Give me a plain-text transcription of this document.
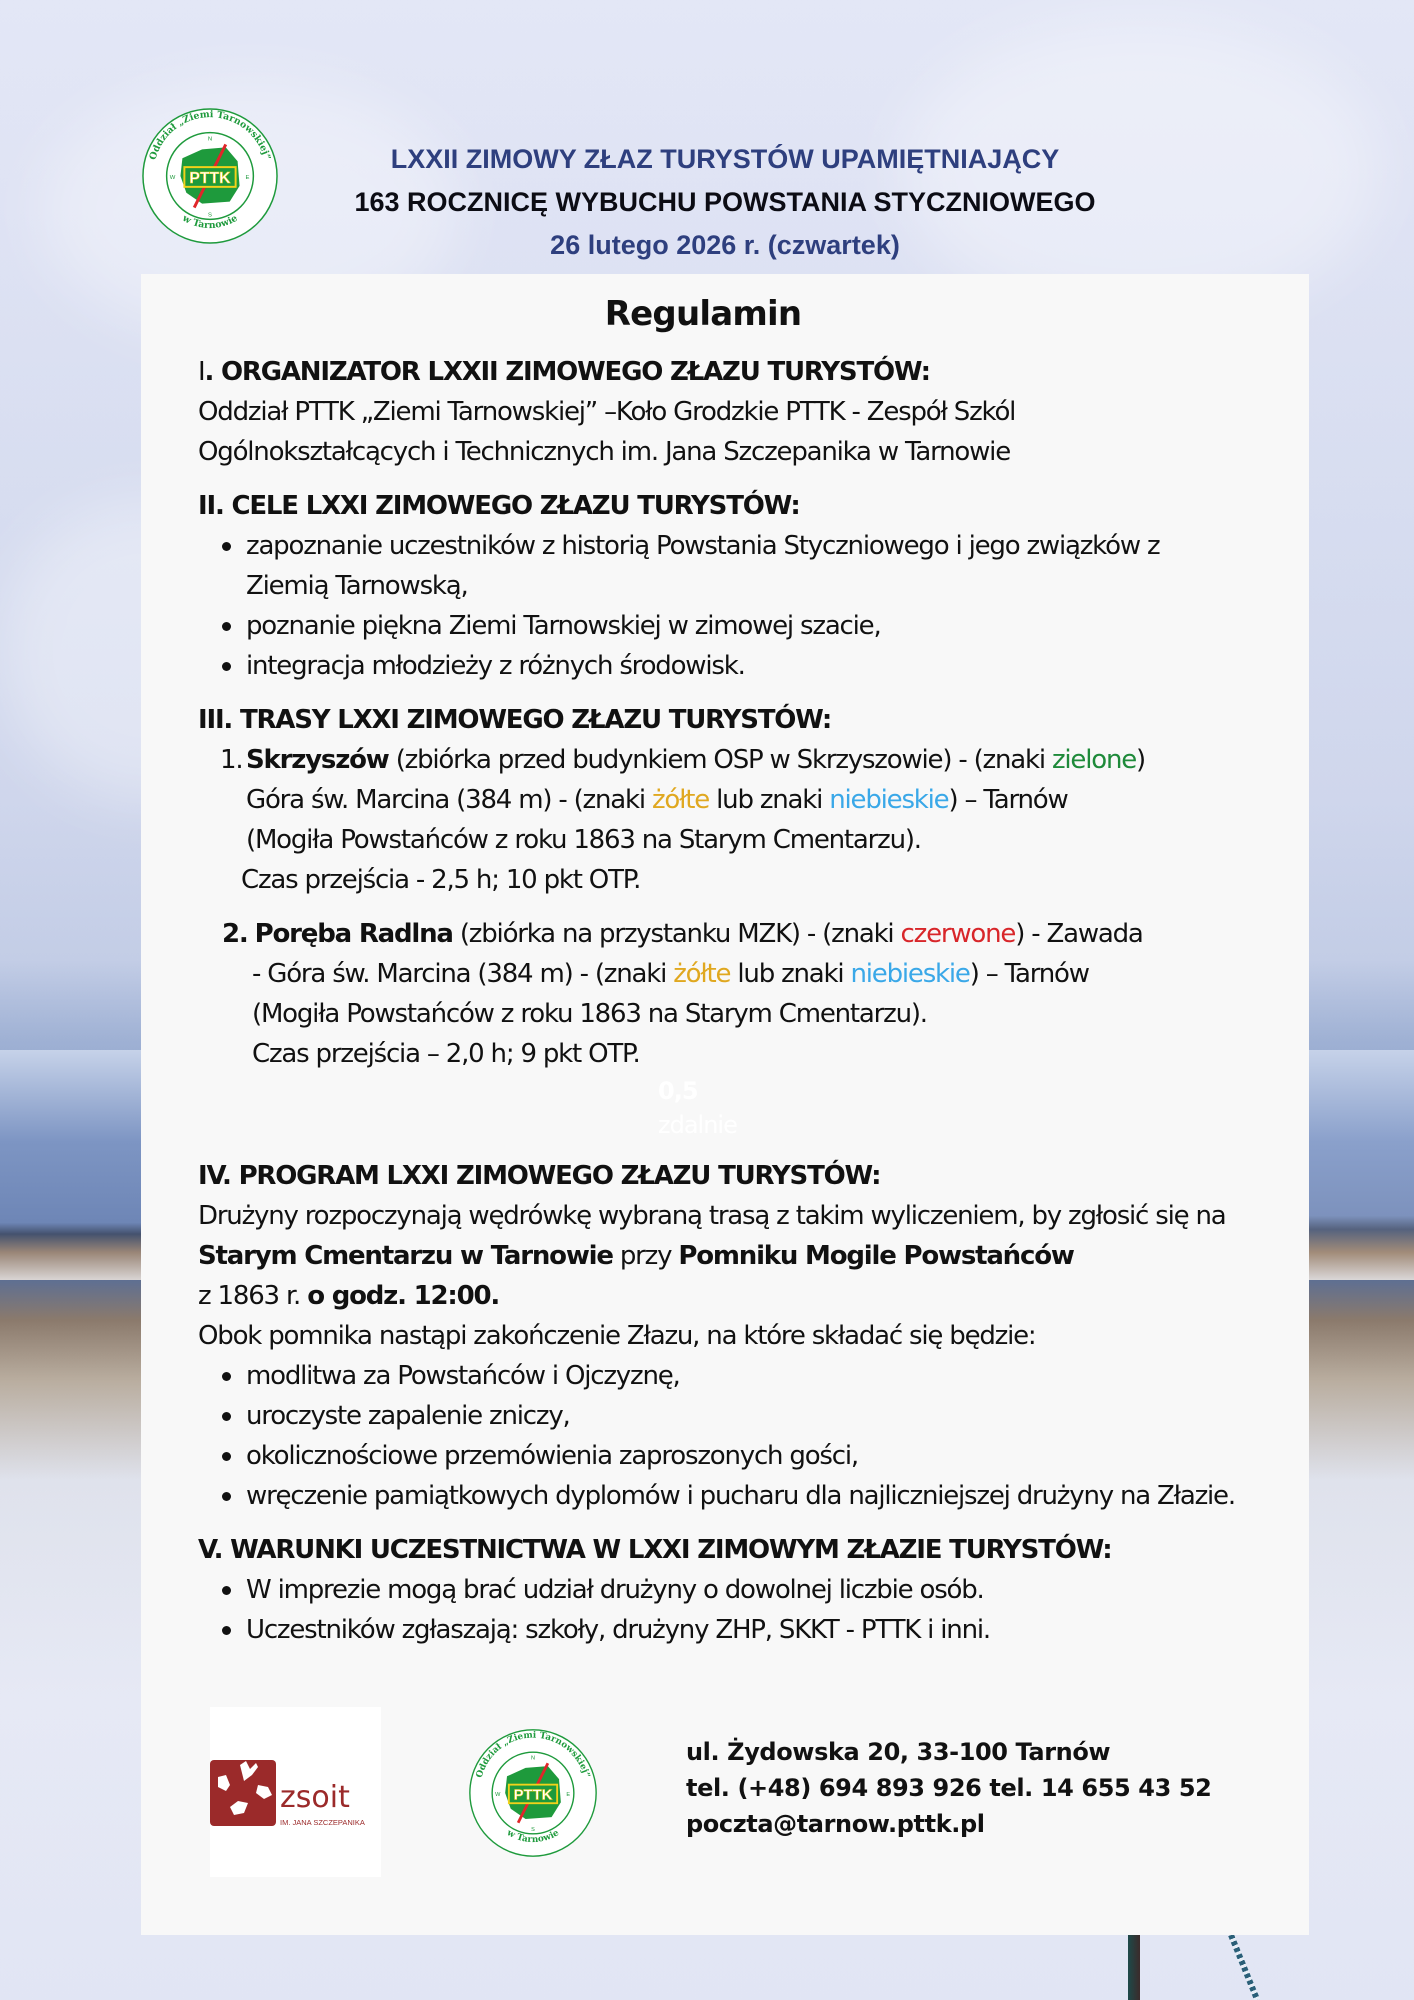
Oddział „Ziemi Tarnowskiej”
w Tarnowie
PTTK
N
E
S
W
LXXII ZIMOWY ZŁAZ TURYSTÓW UPAMIĘTNIAJĄCY
163 ROCZNICĘ WYBUCHU POWSTANIA STYCZNIOWEGO
26 lutego 2026 r. (czwartek)
Regulamin
I. ORGANIZATOR LXXII ZIMOWEGO ZŁAZU TURYSTÓW:
Oddział PTTK „Ziemi Tarnowskiej” –Koło Grodzkie PTTK - Zespół Szkól Ogólnokształcących i Technicznych im. Jana Szczepanika w Tarnowie
II. CELE LXXI ZIMOWEGO ZŁAZU TURYSTÓW:
zapoznanie uczestników z historią Powstania Styczniowego i jego związków z Ziemią Tarnowską,
poznanie piękna Ziemi Tarnowskiej w zimowej szacie,
integracja młodzieży z różnych środowisk.
III. TRASY LXXI ZIMOWEGO ZŁAZU TURYSTÓW:
1. Skrzyszów (zbiórka przed budynkiem OSP w Skrzyszowie) - (znaki zielone)
Góra św. Marcina (384 m) - (znaki żółte lub znaki niebieskie) – Tarnów
(Mogiła Powstańców z roku 1863 na Starym Cmentarzu).
Czas przejścia - 2,5 h; 10 pkt OTP.
2. Poręba Radlna (zbiórka na przystanku MZK) - (znaki czerwone) - Zawada
- Góra św. Marcina (384 m) - (znaki żółte lub znaki niebieskie) – Tarnów
(Mogiła Powstańców z roku 1863 na Starym Cmentarzu).
Czas przejścia – 2,0 h; 9 pkt OTP.
0,5
zdalnie
IV. PROGRAM LXXI ZIMOWEGO ZŁAZU TURYSTÓW:
Drużyny rozpoczynają wędrówkę wybraną trasą z takim wyliczeniem, by zgłosić się na Starym Cmentarzu w Tarnowie przy Pomniku Mogile Powstańców
z 1863 r. o godz. 12:00.
Obok pomnika nastąpi zakończenie Złazu, na które składać się będzie:
modlitwa za Powstańców i Ojczyznę,
uroczyste zapalenie zniczy,
okolicznościowe przemówienia zaproszonych gości,
wręczenie pamiątkowych dyplomów i pucharu dla najliczniejszej drużyny na Złazie.
V. WARUNKI UCZESTNICTWA W LXXI ZIMOWYM ZŁAZIE TURYSTÓW:
W imprezie mogą brać udział drużyny o dowolnej liczbie osób.
Uczestników zgłaszają: szkoły, drużyny ZHP, SKKT - PTTK i inni.
zsoit
IM. JANA SZCZEPANIKA
Oddział „Ziemi Tarnowskiej”
w Tarnowie
PTTK
N
E
S
W
ul. Żydowska 20, 33-100 Tarnów
tel. (+48) 694 893 926 tel. 14 655 43 52
poczta@tarnow.pttk.pl
